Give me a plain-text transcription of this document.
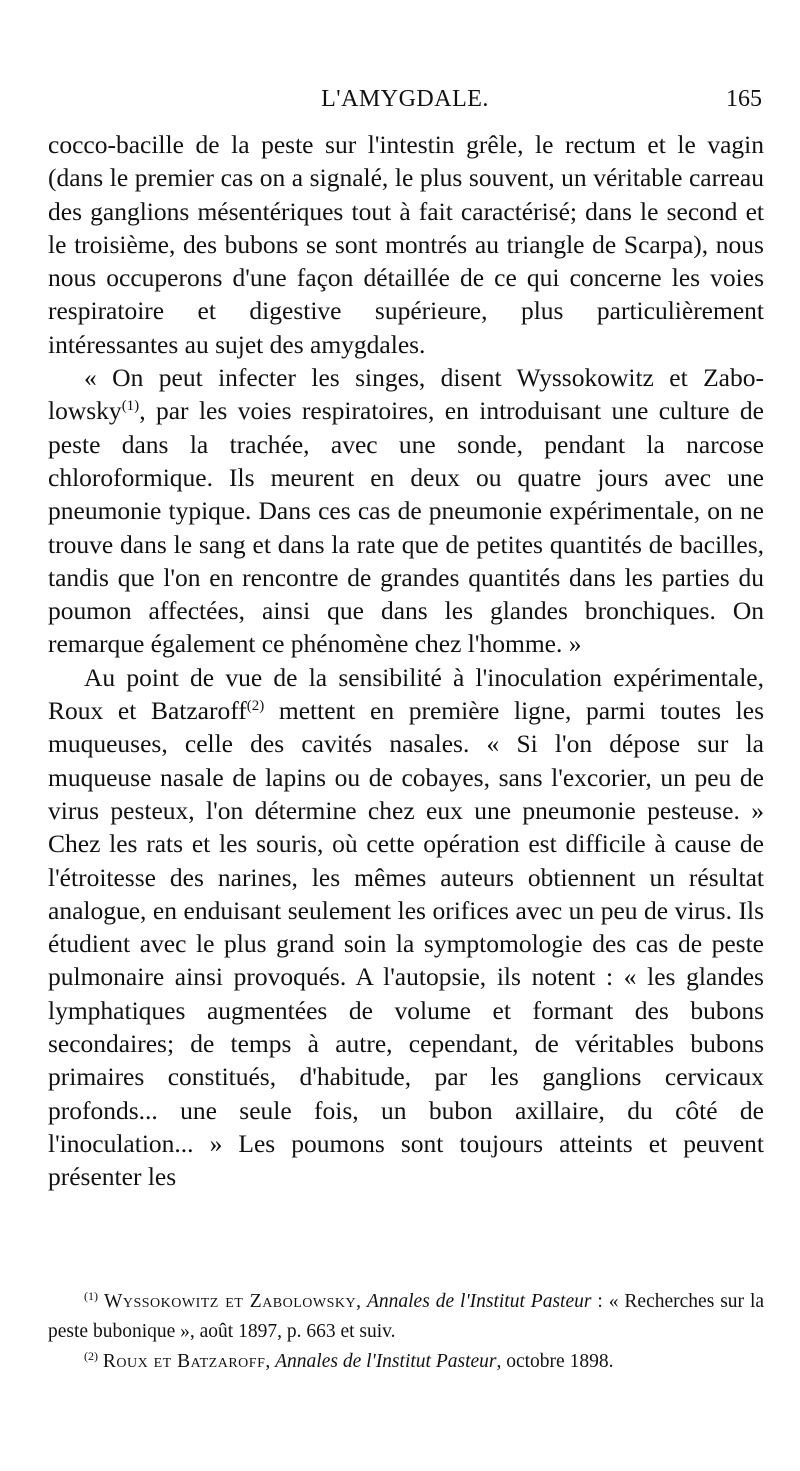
L'AMYGDALE.	165

cocco-bacille de la peste sur l'intestin grêle, le rectum et le vagin (dans le premier cas on a signalé, le plus souvent, un véritable carreau des ganglions mésentériques tout à fait caractérisé; dans le second et le troisième, des bubons se sont montrés au triangle de Scarpa), nous nous occuperons d'une façon détaillée de ce qui concerne les voies respiratoire et digestive supérieure, plus particulièrement intéressantes au sujet des amygdales.

« On peut infecter les singes, disent Wyssokowitz et Zabolowsky$^{(1)}$, par les voies respiratoires, en introduisant une culture de peste dans la trachée, avec une sonde, pendant la narcose chloroformique. Ils meurent en deux ou quatre jours avec une pneumonie typique. Dans ces cas de pneumonie expérimentale, on ne trouve dans le sang et dans la rate que de petites quantités de bacilles, tandis que l'on en rencontre de grandes quantités dans les parties du poumon affectées, ainsi que dans les glandes bronchiques. On remarque également ce phénomène chez l'homme. »

Au point de vue de la sensibilité à l'inoculation expérimentale, Roux et Batzaroff$^{(2)}$ mettent en première ligne, parmi toutes les muqueuses, celle des cavités nasales. « Si l'on dépose sur la muqueuse nasale de lapins ou de cobayes, sans l'excorier, un peu de virus pesteux, l'on détermine chez eux une pneumonie pesteuse. » Chez les rats et les souris, où cette opération est difficile à cause de l'étroitesse des narines, les mêmes auteurs obtiennent un résultat analogue, en enduisant seulement les orifices avec un peu de virus. Ils étudient avec le plus grand soin la symptomologie des cas de peste pulmonaire ainsi provoqués. A l'autopsie, ils notent : « les glandes lymphatiques augmentées de volume et formant des bubons secondaires; de temps à autre, cependant, de véritables bubons primaires constitués, d'habitude, par les ganglions cervicaux profonds... une seule fois, un bubon axillaire, du côté de l'inoculation... » Les poumons sont toujours atteints et peuvent présenter les

$^{(1)}$ Wyssokowitz et Zabolowsky, Annales de l'Institut Pasteur : « Recherches sur la peste bubonique », août 1897, p. 663 et suiv.

$^{(2)}$ Roux et Batzaroff, Annales de l'Institut Pasteur, octobre 1898.
